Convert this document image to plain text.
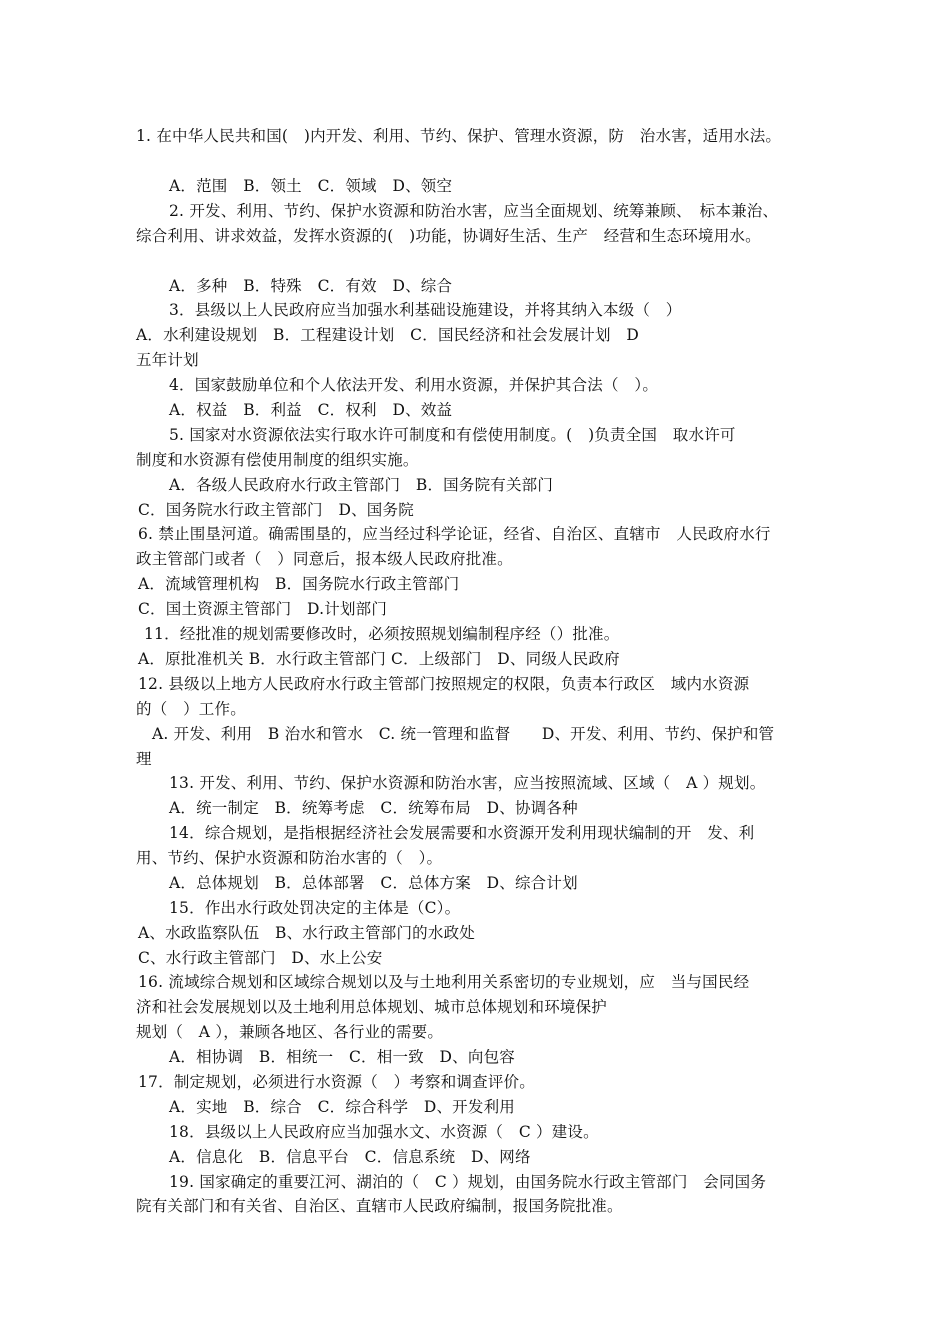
1. 在中华人民共和国(　)内开发、利用、节约、保护、管理水资源，防　治水害，适用水法。
A．范围　B．领土　C．领域　D、领空
2. 开发、利用、节约、保护水资源和防治水害，应当全面规划、统筹兼顾、　标本兼治、
综合利用、讲求效益，发挥水资源的(　)功能，协调好生活、生产　经营和生态环境用水。
A．多种　B．特殊　C．有效　D、综合
3．县级以上人民政府应当加强水利基础设施建设，并将其纳入本级（　）
A．水利建设规划　B．工程建设计划　C．国民经济和社会发展计划　D
五年计划
4．国家鼓励单位和个人依法开发、利用水资源，并保护其合法（　）。
A．权益　B．利益　C．权利　D、效益
5. 国家对水资源依法实行取水许可制度和有偿使用制度。(　)负责全国　取水许可
制度和水资源有偿使用制度的组织实施。
A．各级人民政府水行政主管部门　B．国务院有关部门
C．国务院水行政主管部门　D、国务院
6. 禁止围垦河道。确需围垦的，应当经过科学论证，经省、自治区、直辖市　人民政府水行
政主管部门或者（　）同意后，报本级人民政府批准。
A．流域管理机构　B．国务院水行政主管部门
C．国土资源主管部门　D.计划部门
11．经批准的规划需要修改时，必须按照规划编制程序经（）批准。
A．原批准机关 B．水行政主管部门 C．上级部门　D、同级人民政府
12. 县级以上地方人民政府水行政主管部门按照规定的权限，负责本行政区　域内水资源
的（　）工作。
A. 开发、利用　B 治水和管水　C. 统一管理和监督　　D、开发、利用、节约、保护和管
理
13. 开发、利用、节约、保护水资源和防治水害，应当按照流域、区域（　A ）规划。
A．统一制定　B．统筹考虑　C．统筹布局　D、协调各种
14．综合规划，是指根据经济社会发展需要和水资源开发利用现状编制的开　发、利
用、节约、保护水资源和防治水害的（　）。
A．总体规划　B．总体部署　C．总体方案　D、综合计划
15．作出水行政处罚决定的主体是（C）。
A、水政监察队伍　B、水行政主管部门的水政处
C、水行政主管部门　D、水上公安
16. 流域综合规划和区域综合规划以及与土地利用关系密切的专业规划，应　当与国民经
济和社会发展规划以及土地利用总体规划、城市总体规划和环境保护
规划（　A ），兼顾各地区、各行业的需要。
A．相协调　B．相统一　C．相一致　D、向包容
17．制定规划，必须进行水资源（　）考察和调查评价。
A．实地　B．综合　C．综合科学　D、开发利用
18．县级以上人民政府应当加强水文、水资源（　C ）建设。
A．信息化　B．信息平台　C．信息系统　D、网络
19. 国家确定的重要江河、湖泊的（　C ）规划，由国务院水行政主管部门　会同国务
院有关部门和有关省、自治区、直辖市人民政府编制，报国务院批准。
